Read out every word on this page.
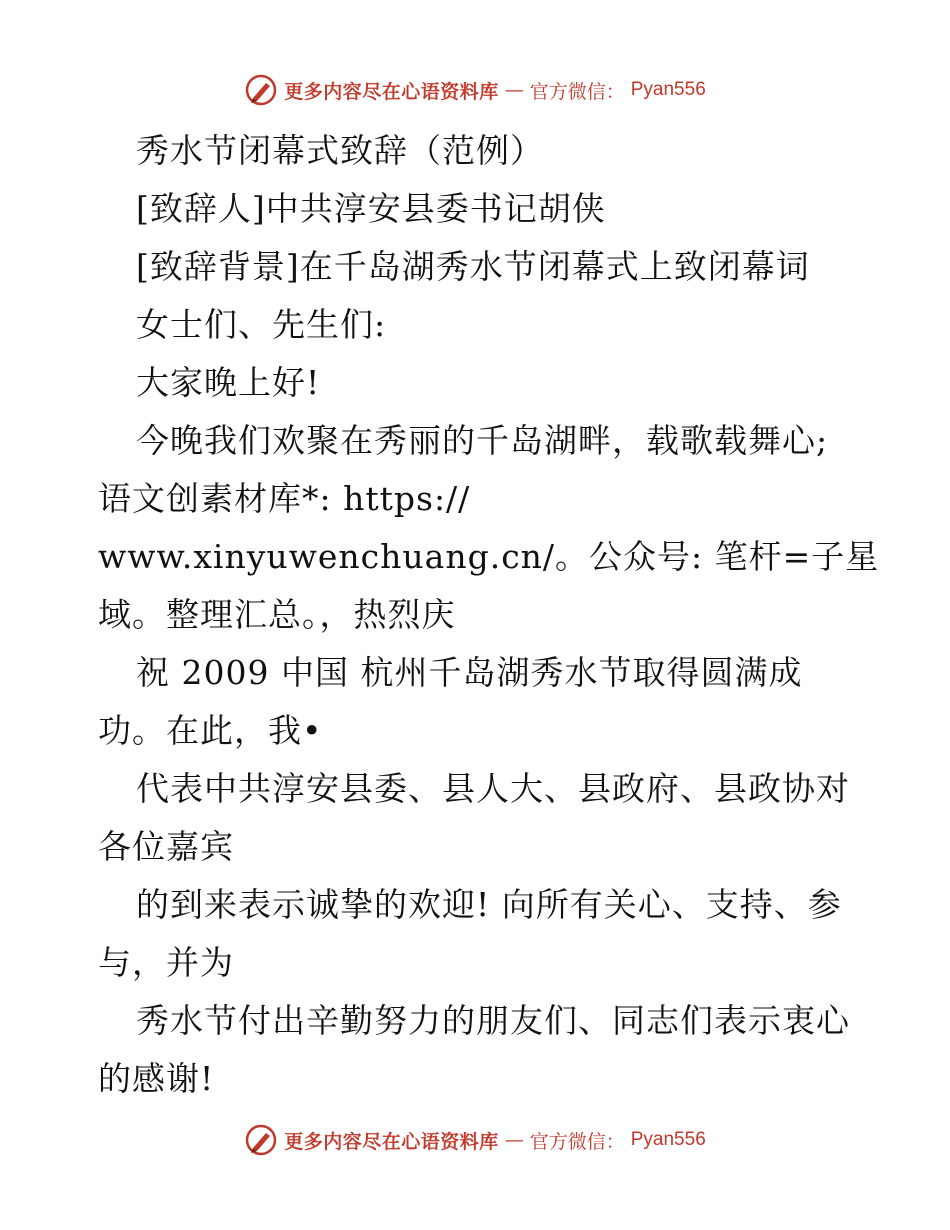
更多内容尽在心语资料库 — 官方微信： Pyan556
秀水节闭幕式致辞（范例）
[致辞人]中共淳安县委书记胡侠
[致辞背景]在千岛湖秀水节闭幕式上致闭幕词
女士们、先生们:
大家晚上好!
今晚我们欢聚在秀丽的千岛湖畔，载歌载舞心;
语文创素材库*: https://
www.xinyuwenchuang.cn/。公众号: 笔杆=子星
域。整理汇总。，热烈庆
祝 2009 中国 杭州千岛湖秀水节取得圆满成
功。在此，我•
代表中共淳安县委、县人大、县政府、县政协对
各位嘉宾
的到来表示诚挚的欢迎! 向所有关心、支持、参
与，并为
秀水节付出辛勤努力的朋友们、同志们表示衷心
的感谢!
更多内容尽在心语资料库 — 官方微信： Pyan556
